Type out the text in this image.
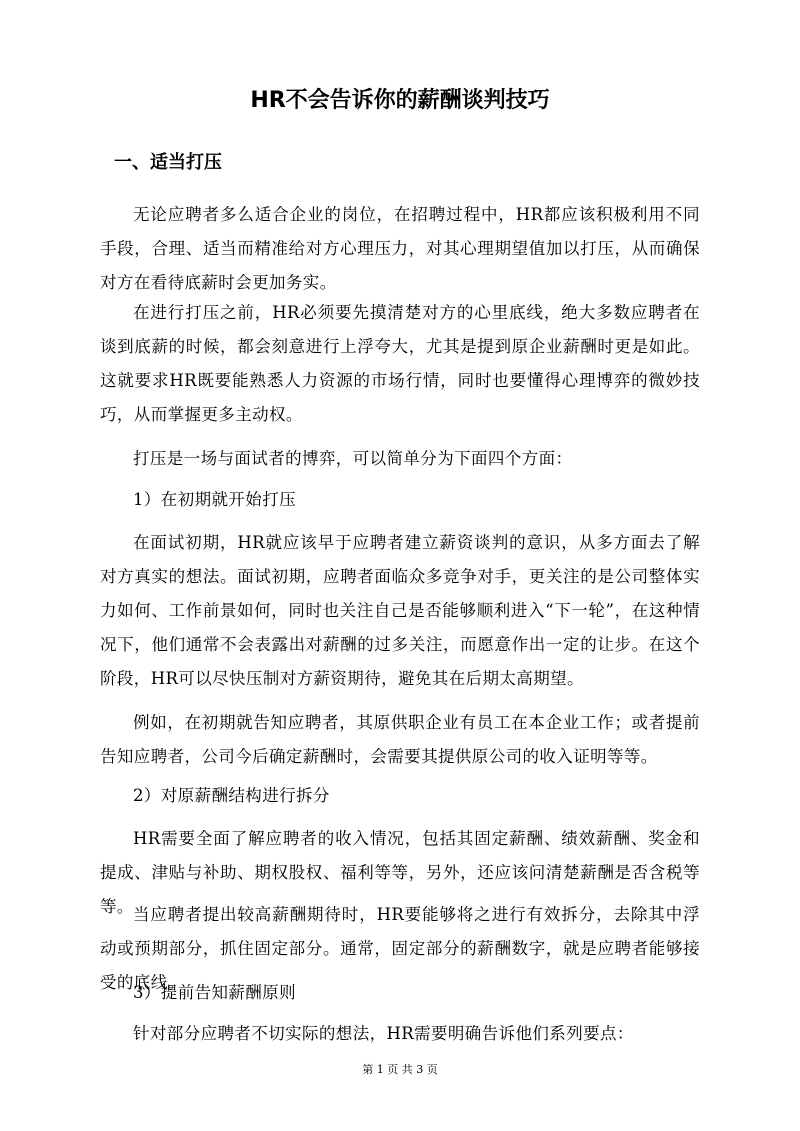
HR不会告诉你的薪酬谈判技巧
一、适当打压

无论应聘者多么适合企业的岗位，在招聘过程中，HR都应该积极利用不同手段，合理、适当而精准给对方心理压力，对其心理期望值加以打压，从而确保对方在看待底薪时会更加务实。

在进行打压之前，HR必须要先摸清楚对方的心里底线，绝大多数应聘者在谈到底薪的时候，都会刻意进行上浮夸大，尤其是提到原企业薪酬时更是如此。这就要求HR既要能熟悉人力资源的市场行情，同时也要懂得心理博弈的微妙技巧，从而掌握更多主动权。

打压是一场与面试者的博弈，可以简单分为下面四个方面：

1）在初期就开始打压

在面试初期，HR就应该早于应聘者建立薪资谈判的意识，从多方面去了解对方真实的想法。面试初期，应聘者面临众多竞争对手，更关注的是公司整体实力如何、工作前景如何，同时也关注自己是否能够顺利进入“下一轮”，在这种情况下，他们通常不会表露出对薪酬的过多关注，而愿意作出一定的让步。在这个阶段，HR可以尽快压制对方薪资期待，避免其在后期太高期望。

例如，在初期就告知应聘者，其原供职企业有员工在本企业工作；或者提前告知应聘者，公司今后确定薪酬时，会需要其提供原公司的收入证明等等。

2）对原薪酬结构进行拆分

HR需要全面了解应聘者的收入情况，包括其固定薪酬、绩效薪酬、奖金和提成、津贴与补助、期权股权、福利等等，另外，还应该问清楚薪酬是否含税等等。 当应聘者提出较高薪酬期待时，HR要能够将之进行有效拆分，去除其中浮动或预期部分，抓住固定部分。通常，固定部分的薪酬数字，就是应聘者能够接受的底线。

3）提前告知薪酬原则

针对部分应聘者不切实际的想法，HR需要明确告诉他们系列要点：

第 1 页 共 3 页
